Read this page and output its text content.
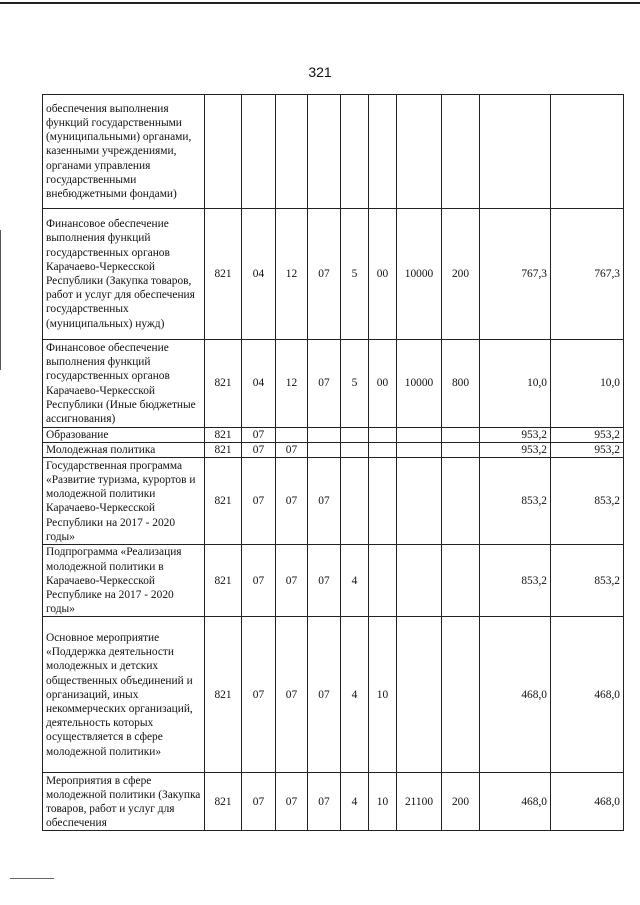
321
обеспечения выполнения функций государственными (муниципальными) органами, казенными учреждениями, органами управления государственными внебюджетными фондами)										
Финансовое обеспечение выполнения функций государственных органов Карачаево-Черкесской Республики (Закупка товаров, работ и услуг для обеспечения государственных (муниципальных) нужд)	821	04	12	07	5	00	10000	200	767,3	767,3
Финансовое обеспечение выполнения функций государственных органов Карачаево-Черкесской Республики (Иные бюджетные ассигнования)	821	04	12	07	5	00	10000	800	10,0	10,0
Образование	821	07							953,2	953,2
Молодежная политика	821	07	07						953,2	953,2
Государственная программа «Развитие туризма, курортов и молодежной политики Карачаево-Черкесской Республики на 2017 - 2020 годы»	821	07	07	07					853,2	853,2
Подпрограмма «Реализация молодежной политики в Карачаево-Черкесской Республике на 2017 - 2020 годы»	821	07	07	07	4				853,2	853,2
Основное мероприятие «Поддержка деятельности молодежных и детских общественных объединений и организаций, иных некоммерческих организаций, деятельность которых осуществляется в сфере молодежной политики»	821	07	07	07	4	10			468,0	468,0
Мероприятия в сфере молодежной политики (Закупка товаров, работ и услуг для обеспечения	821	07	07	07	4	10	21100	200	468,0	468,0
